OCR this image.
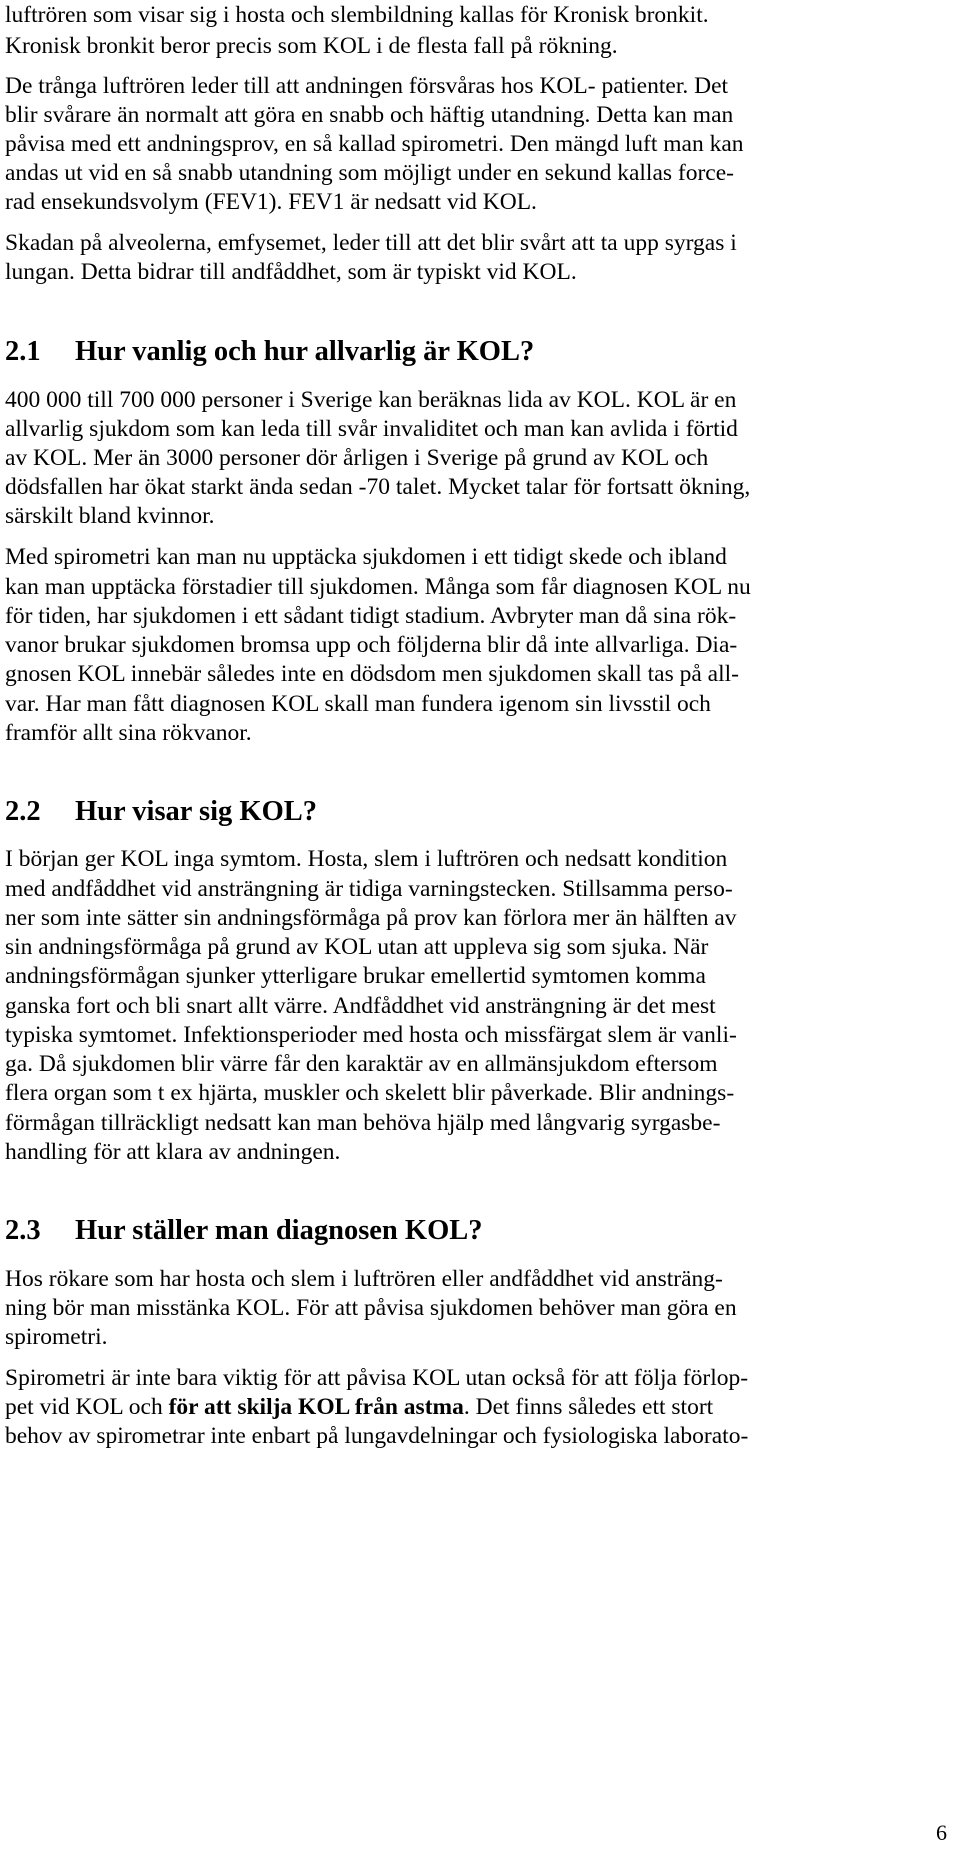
luftrören som visar sig i hosta och slembildning kallas för Kronisk bronkit.
Kronisk bronkit beror precis som KOL i de flesta fall på rökning.
De trånga luftrören leder till att andningen försvåras hos KOL- patienter. Det
blir svårare än normalt att göra en snabb och häftig utandning. Detta kan man
påvisa med ett andningsprov, en så kallad spirometri. Den mängd luft man kan
andas ut vid en så snabb utandning som möjligt under en sekund kallas force-
rad ensekundsvolym (FEV1). FEV1 är nedsatt vid KOL.
Skadan på alveolerna, emfysemet, leder till att det blir svårt att ta upp syrgas i
lungan. Detta bidrar till andfåddhet, som är typiskt vid KOL.
2.1 Hur vanlig och hur allvarlig är KOL?
400 000 till 700 000 personer i Sverige kan beräknas lida av KOL. KOL är en
allvarlig sjukdom som kan leda till svår invaliditet och man kan avlida i förtid
av KOL. Mer än 3000 personer dör årligen i Sverige på grund av KOL och
dödsfallen har ökat starkt ända sedan -70 talet. Mycket talar för fortsatt ökning,
särskilt bland kvinnor.
Med spirometri kan man nu upptäcka sjukdomen i ett tidigt skede och ibland
kan man upptäcka förstadier till sjukdomen. Många som får diagnosen KOL nu
för tiden, har sjukdomen i ett sådant tidigt stadium. Avbryter man då sina rök-
vanor brukar sjukdomen bromsa upp och följderna blir då inte allvarliga. Dia-
gnosen KOL innebär således inte en dödsdom men sjukdomen skall tas på all-
var. Har man fått diagnosen KOL skall man fundera igenom sin livsstil och
framför allt sina rökvanor.
2.2 Hur visar sig KOL?
I början ger KOL inga symtom. Hosta, slem i luftrören och nedsatt kondition
med andfåddhet vid ansträngning är tidiga varningstecken. Stillsamma perso-
ner som inte sätter sin andningsförmåga på prov kan förlora mer än hälften av
sin andningsförmåga på grund av KOL utan att uppleva sig som sjuka. När
andningsförmågan sjunker ytterligare brukar emellertid symtomen komma
ganska fort och bli snart allt värre. Andfåddhet vid ansträngning är det mest
typiska symtomet. Infektionsperioder med hosta och missfärgat slem är vanli-
ga. Då sjukdomen blir värre får den karaktär av en allmänsjukdom eftersom
flera organ som t ex hjärta, muskler och skelett blir påverkade. Blir andnings-
förmågan tillräckligt nedsatt kan man behöva hjälp med långvarig syrgasbe-
handling för att klara av andningen.
2.3 Hur ställer man diagnosen KOL?
Hos rökare som har hosta och slem i luftrören eller andfåddhet vid ansträng-
ning bör man misstänka KOL. För att påvisa sjukdomen behöver man göra en
spirometri.
Spirometri är inte bara viktig för att påvisa KOL utan också för att följa förlop-
pet vid KOL och för att skilja KOL från astma. Det finns således ett stort
behov av spirometrar inte enbart på lungavdelningar och fysiologiska laborato-
6
